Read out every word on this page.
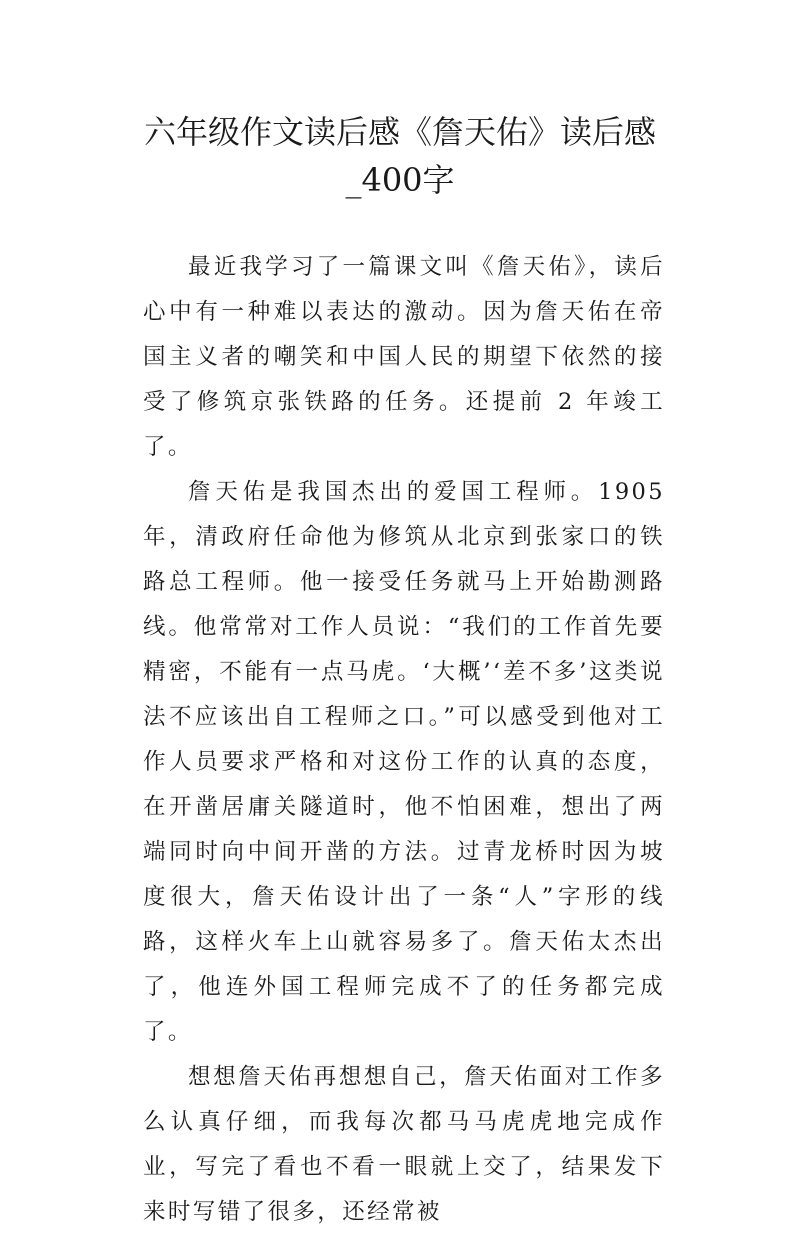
六年级作文读后感《詹天佑》读后感_400字

最近我学习了一篇课文叫《詹天佑》，读后心中有一种难以表达的激动。因为詹天佑在帝国主义者的嘲笑和中国人民的期望下依然的接受了修筑京张铁路的任务。还提前 2 年竣工了。

詹天佑是我国杰出的爱国工程师。1905 年，清政府任命他为修筑从北京到张家口的铁路总工程师。他一接受任务就马上开始勘测路线。他常常对工作人员说：“我们的工作首先要精密，不能有一点马虎。‘大概’‘差不多’这类说法不应该出自工程师之口。”可以感受到他对工作人员要求严格和对这份工作的认真的态度，在开凿居庸关隧道时，他不怕困难，想出了两端同时向中间开凿的方法。过青龙桥时因为坡度很大，詹天佑设计出了一条“人”字形的线路，这样火车上山就容易多了。詹天佑太杰出了，他连外国工程师完成不了的任务都完成了。

想想詹天佑再想想自己，詹天佑面对工作多么认真仔细，而我每次都马马虎虎地完成作业，写完了看也不看一眼就上交了，结果发下来时写错了很多，还经常被
